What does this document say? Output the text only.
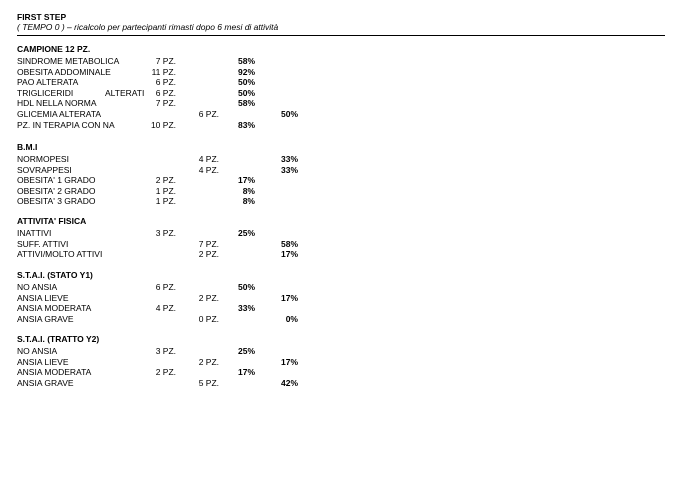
FIRST STEP
( TEMPO 0 ) – ricalcolo per partecipanti rimasti dopo 6 mesi di attività
CAMPIONE 12 PZ.
SINDROME METABOLICA	7 PZ.	58%
OBESITA ADDOMINALE	11 PZ.	92%
PAO ALTERATA	6 PZ.	50%
TRIGLICERIDI	ALTERATI	6 PZ.	50%
HDL NELLA NORMA	7 PZ.	58%
GLICEMIA ALTERATA	6 PZ.	50%
PZ. IN TERAPIA CON NA	10 PZ.	83%
B.M.I
NORMOPESI	4 PZ.	33%
SOVRAPPESI	4 PZ.	33%
OBESITA' 1 GRADO	2 PZ.	17%
OBESITA' 2 GRADO	1 PZ.	8%
OBESITA' 3 GRADO	1 PZ.	8%
ATTIVITA' FISICA
INATTIVI	3 PZ.	25%
SUFF. ATTIVI	7 PZ.	58%
ATTIVI/MOLTO ATTIVI	2 PZ.	17%
S.T.A.I. (STATO Y1)
NO ANSIA	6 PZ.	50%
ANSIA LIEVE	2 PZ.	17%
ANSIA MODERATA	4 PZ.	33%
ANSIA GRAVE	0 PZ.	0%
S.T.A.I. (TRATTO Y2)
NO ANSIA	3 PZ.	25%
ANSIA LIEVE	2 PZ.	17%
ANSIA MODERATA	2 PZ.	17%
ANSIA GRAVE	5 PZ.	42%
